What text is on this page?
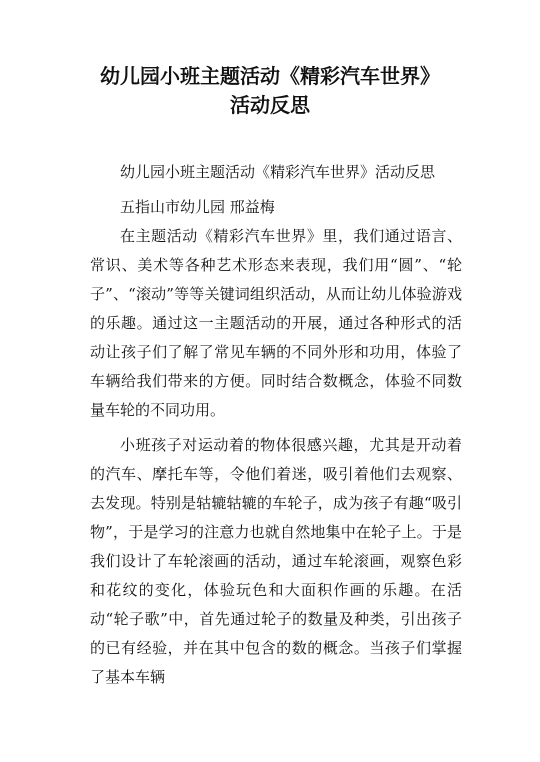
幼儿园小班主题活动《精彩汽车世界》
活动反思

幼儿园小班主题活动《精彩汽车世界》活动反思

五指山市幼儿园 邢益梅

在主题活动《精彩汽车世界》里，我们通过语言、常识、美术等各种艺术形态来表现，我们用“圆”、“轮子”、“滚动”等等关键词组织活动，从而让幼儿体验游戏的乐趣。通过这一主题活动的开展，通过各种形式的活动让孩子们了解了常见车辆的不同外形和功用，体验了车辆给我们带来的方便。同时结合数概念，体验不同数量车轮的不同功用。

小班孩子对运动着的物体很感兴趣，尤其是开动着的汽车、摩托车等，令他们着迷，吸引着他们去观察、去发现。特别是轱辘轱辘的车轮子，成为孩子有趣“吸引物”，于是学习的注意力也就自然地集中在轮子上。于是我们设计了车轮滚画的活动，通过车轮滚画，观察色彩和花纹的变化，体验玩色和大面积作画的乐趣。在活动“轮子歌”中，首先通过轮子的数量及种类，引出孩子的已有经验，并在其中包含的数的概念。当孩子们掌握了基本车辆
